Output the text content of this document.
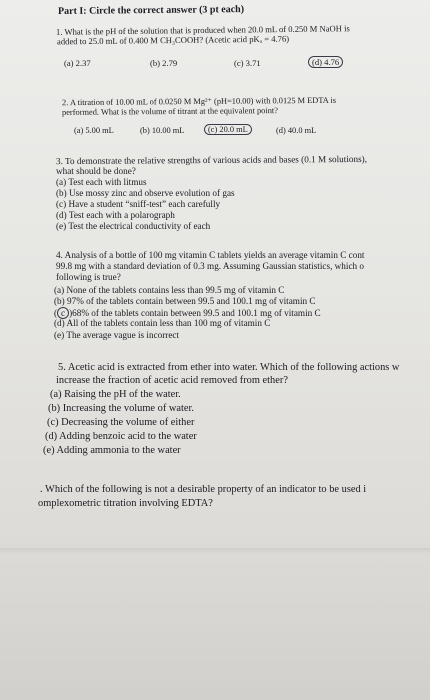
Part I: Circle the correct answer (3 pt each)
1. What is the pH of the solution that is produced when 20.0 mL of 0.250 M NaOH is
added to 25.0 mL of 0.400 M CH₃COOH? (Acetic acid pKₐ = 4.76)
(a) 2.37	(b) 2.79	(c) 3.71	(d) 4.76
2. A titration of 10.00 mL of 0.0250 M Mg²⁺ (pH=10.00) with 0.0125 M EDTA is
performed. What is the volume of titrant at the equivalent point?
(a) 5.00 mL	(b) 10.00 mL	(c) 20.0 mL	(d) 40.0 mL
3. To demonstrate the relative strengths of various acids and bases (0.1 M solutions),
what should be done?
(a) Test each with litmus
(b) Use mossy zinc and observe evolution of gas
(c) Have a student “sniff-test” each carefully
(d) Test each with a polarograph
(e) Test the electrical conductivity of each
4. Analysis of a bottle of 100 mg vitamin C tablets yields an average vitamin C cont
99.8 mg with a standard deviation of 0.3 mg. Assuming Gaussian statistics, which o
following is true?
(a) None of the tablets contains less than 99.5 mg of vitamin C
(b) 97% of the tablets contain between 99.5 and 100.1 mg of vitamin C
( c )68% of the tablets contain between 99.5 and 100.1 mg of vitamin C
(d) All of the tablets contain less than 100 mg of vitamin C
(e) The average vague is incorrect
5. Acetic acid is extracted from ether into water. Which of the following actions w
increase the fraction of acetic acid removed from ether?
(a) Raising the pH of the water.
(b) Increasing the volume of water.
(c) Decreasing the volume of either
(d) Adding benzoic acid to the water
(e) Adding ammonia to the water
. Which of the following is not a desirable property of an indicator to be used i
omplexometric titration involving EDTA?
